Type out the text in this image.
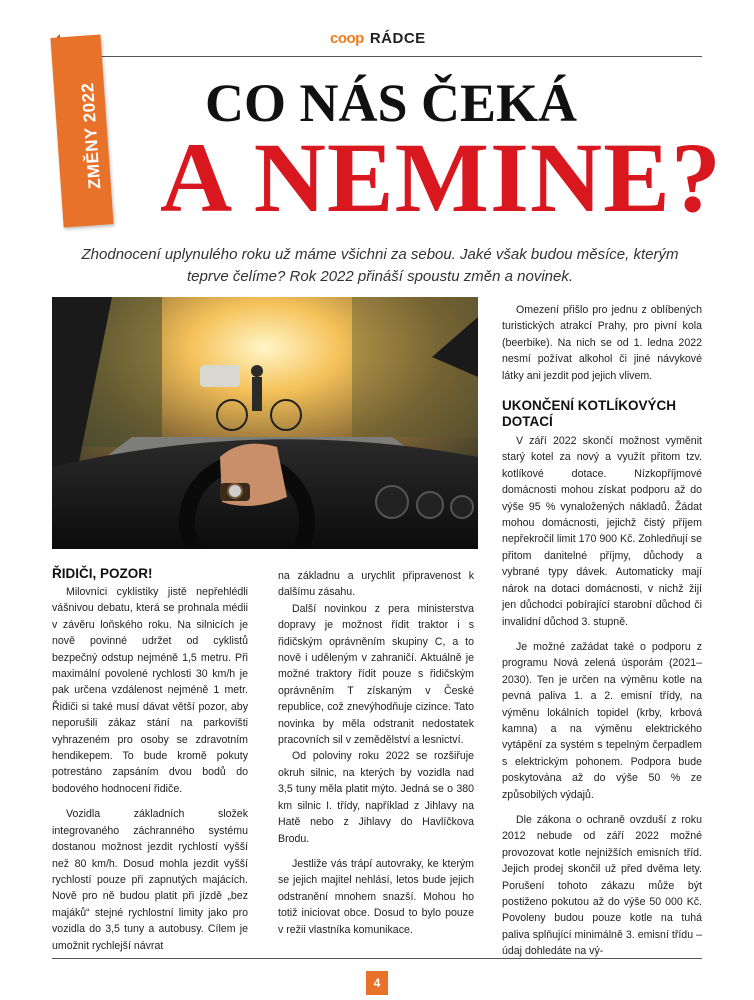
coop RÁDCE
ZMĚNY 2022 CO NÁS ČEKÁ
A NEMINE?
Zhodnocení uplynulého roku už máme všichni za sebou. Jaké však budou měsíce, kterým teprve čelíme? Rok 2022 přináší spoustu změn a novinek.
ŘIDIČI, POZOR!

Milovníci cyklistiky jistě nepřehlédli vášnivou debatu, která se prohnala médii v závěru loňského roku. Na silnicích je nově povinné udržet od cyklistů bezpečný odstup nejméně 1,5 metru. Při maximální povolené rychlosti 30 km/h je pak určena vzdálenost nejméně 1 metr. Řidiči si také musí dávat větší pozor, aby neporušili zákaz stání na parkovišti vyhrazeném pro osoby se zdravotním hendikepem. To bude kromě pokuty potrestáno zapsáním dvou bodů do bodového hodnocení řidiče.

Vozidla základních složek integrovaného záchranného systému dostanou možnost jezdit rychlostí vyšší než 80 km/h. Dosud mohla jezdit vyšší rychlostí pouze při zapnutých majácích. Nově pro ně budou platit při jízdě „bez majáků“ stejné rychlostní limity jako pro vozidla do 3,5 tuny a autobusy. Cílem je umožnit rychlejší návrat

na základnu a urychlit připravenost k dalšímu zásahu.

Další novinkou z pera ministerstva dopravy je možnost řídit traktor i s řidičským oprávněním skupiny C, a to nově i uděleným v zahraničí. Aktuálně je možné traktory řídit pouze s řidičským oprávněním T získaným v České republice, což znevýhodňuje cizince. Tato novinka by měla odstranit nedostatek pracovních sil v zemědělství a lesnictví.

Od poloviny roku 2022 se rozšiřuje okruh silnic, na kterých by vozidla nad 3,5 tuny měla platit mýto. Jedná se o 380 km silnic I. třídy, například z Jihlavy na Hatě nebo z Jihlavy do Havlíčkova Brodu.

Jestliže vás trápí autovraky, ke kterým se jejich majitel nehlásí, letos bude jejich odstranění mnohem snazší. Mohou ho totiž iniciovat obce. Dosud to bylo pouze v režii vlastníka komunikace.

Omezení přišlo pro jednu z oblíbených turistických atrakcí Prahy, pro pivní kola (beerbike). Na nich se od 1. ledna 2022 nesmí požívat alkohol či jiné návykové látky ani jezdit pod jejich vlivem.

UKONČENÍ KOTLÍKOVÝCH DOTACÍ

V září 2022 skončí možnost vyměnit starý kotel za nový a využít přitom tzv. kotlíkové dotace. Nízkopříjmové domácnosti mohou získat podporu až do výše 95 % vynaložených nákladů. Žádat mohou domácnosti, jejichž čistý příjem nepřekročil limit 170 900 Kč. Zohledňují se přitom danitelné příjmy, důchody a vybrané typy dávek. Automaticky mají nárok na dotaci domácnosti, v nichž žijí jen důchodci pobírající starobní důchod či invalidní důchod 3. stupně.

Je možné zažádat také o podporu z programu Nová zelená úsporám (2021–2030). Ten je určen na výměnu kotle na pevná paliva 1. a 2. emisní třídy, na výměnu lokálních topidel (krby, krbová kamna) a na výměnu elektrického vytápění za systém s tepelným čerpadlem s elektrickým pohonem. Podpora bude poskytována až do výše 50 % ze způsobilých výdajů.

Dle zákona o ochraně ovzduší z roku 2012 nebude od září 2022 možné provozovat kotle nejnižších emisních tříd. Jejich prodej skončil už před dvěma lety. Porušení tohoto zákazu může být postiženo pokutou až do výše 50 000 Kč. Povoleny budou pouze kotle na tuhá paliva splňující minimálně 3. emisní třídu – údaj dohledáte na vý-

4
